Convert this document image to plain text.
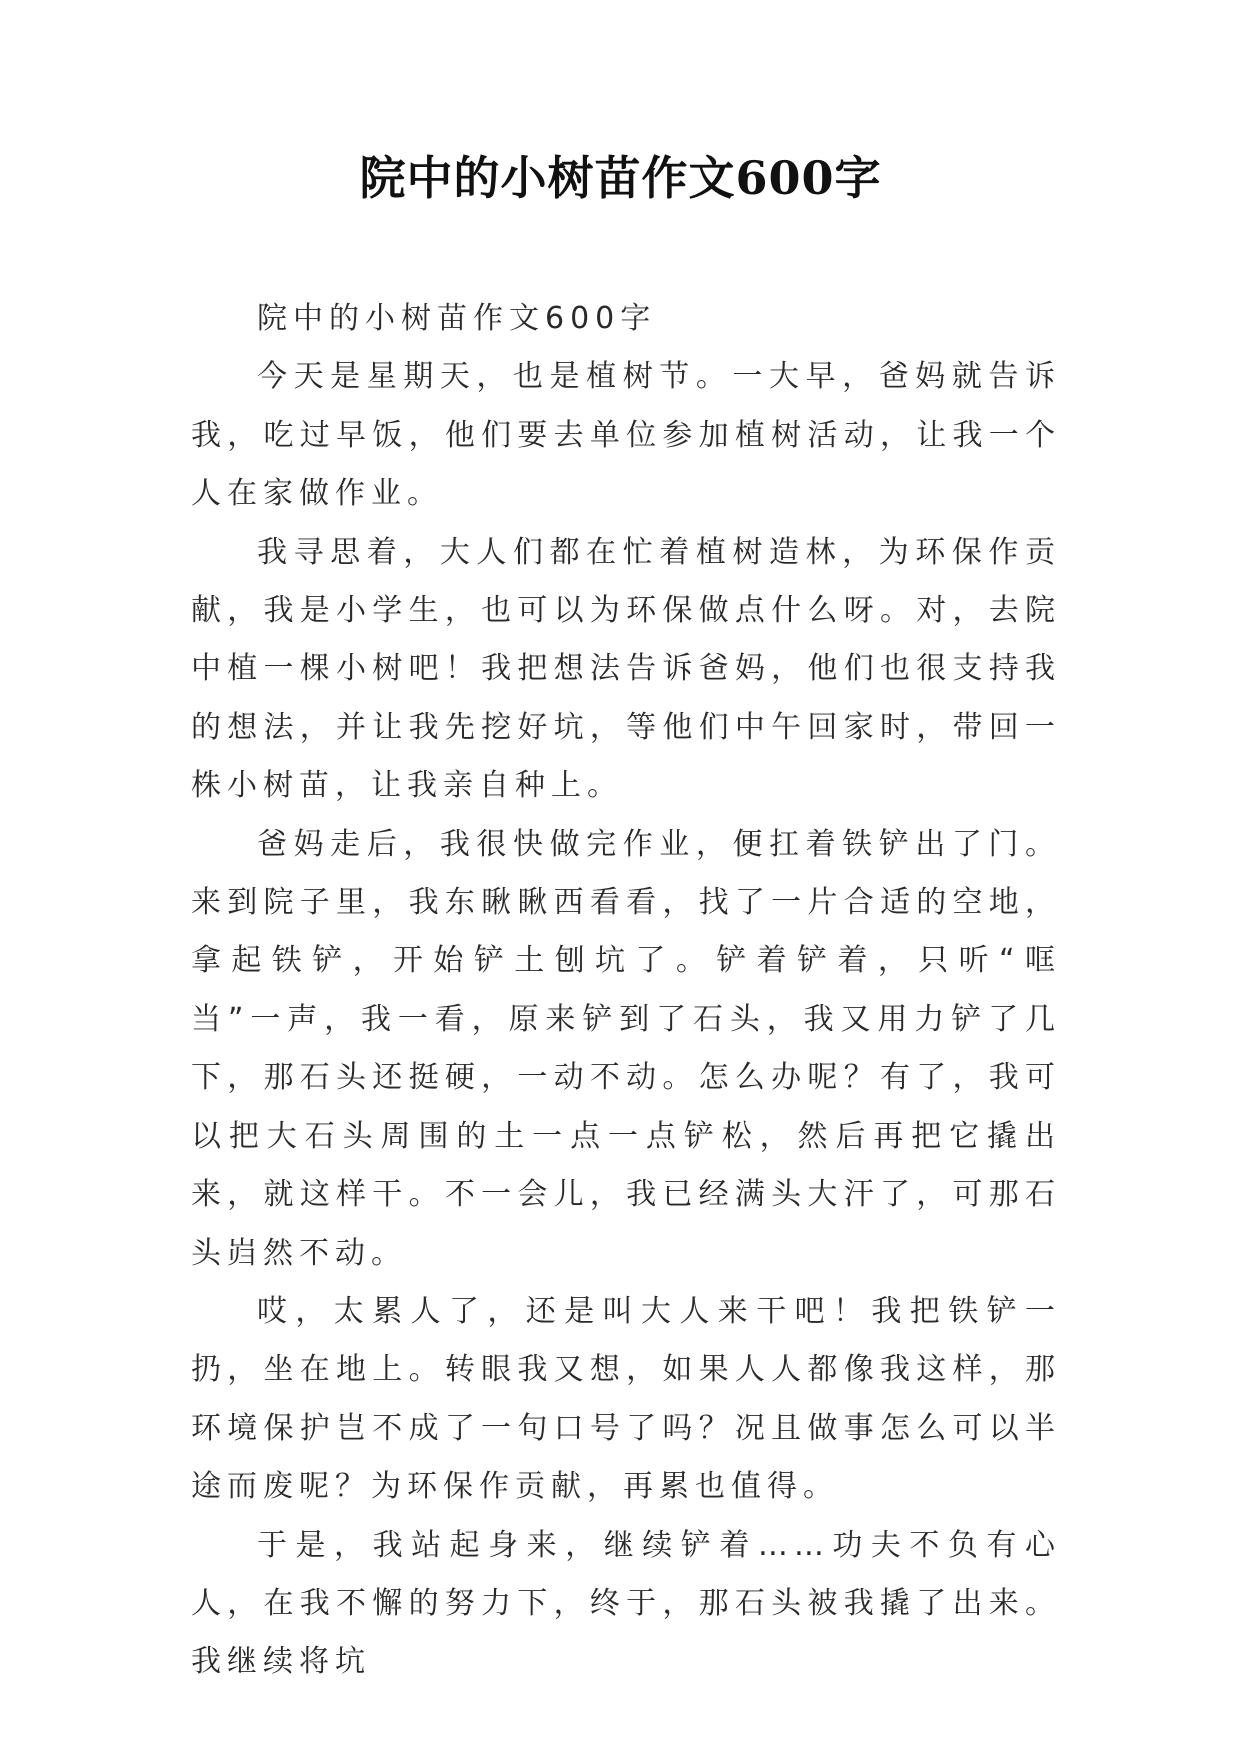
院中的小树苗作文600字

院中的小树苗作文600字

今天是星期天，也是植树节。一大早，爸妈就告诉我，吃过早饭，他们要去单位参加植树活动，让我一个人在家做作业。

我寻思着，大人们都在忙着植树造林，为环保作贡献，我是小学生，也可以为环保做点什么呀。对，去院中植一棵小树吧！我把想法告诉爸妈，他们也很支持我的想法，并让我先挖好坑，等他们中午回家时，带回一株小树苗，让我亲自种上。

爸妈走后，我很快做完作业，便扛着铁铲出了门。来到院子里，我东瞅瞅西看看，找了一片合适的空地，拿起铁铲，开始铲土刨坑了。铲着铲着，只听“哐当”一声，我一看，原来铲到了石头，我又用力铲了几下，那石头还挺硬，一动不动。怎么办呢？有了，我可以把大石头周围的土一点一点铲松，然后再把它撬出来，就这样干。不一会儿，我已经满头大汗了，可那石头岿然不动。

哎，太累人了，还是叫大人来干吧！我把铁铲一扔，坐在地上。转眼我又想，如果人人都像我这样，那环境保护岂不成了一句口号了吗？况且做事怎么可以半途而废呢？为环保作贡献，再累也值得。

于是，我站起身来，继续铲着……功夫不负有心人，在我不懈的努力下，终于，那石头被我撬了出来。我继续将坑
